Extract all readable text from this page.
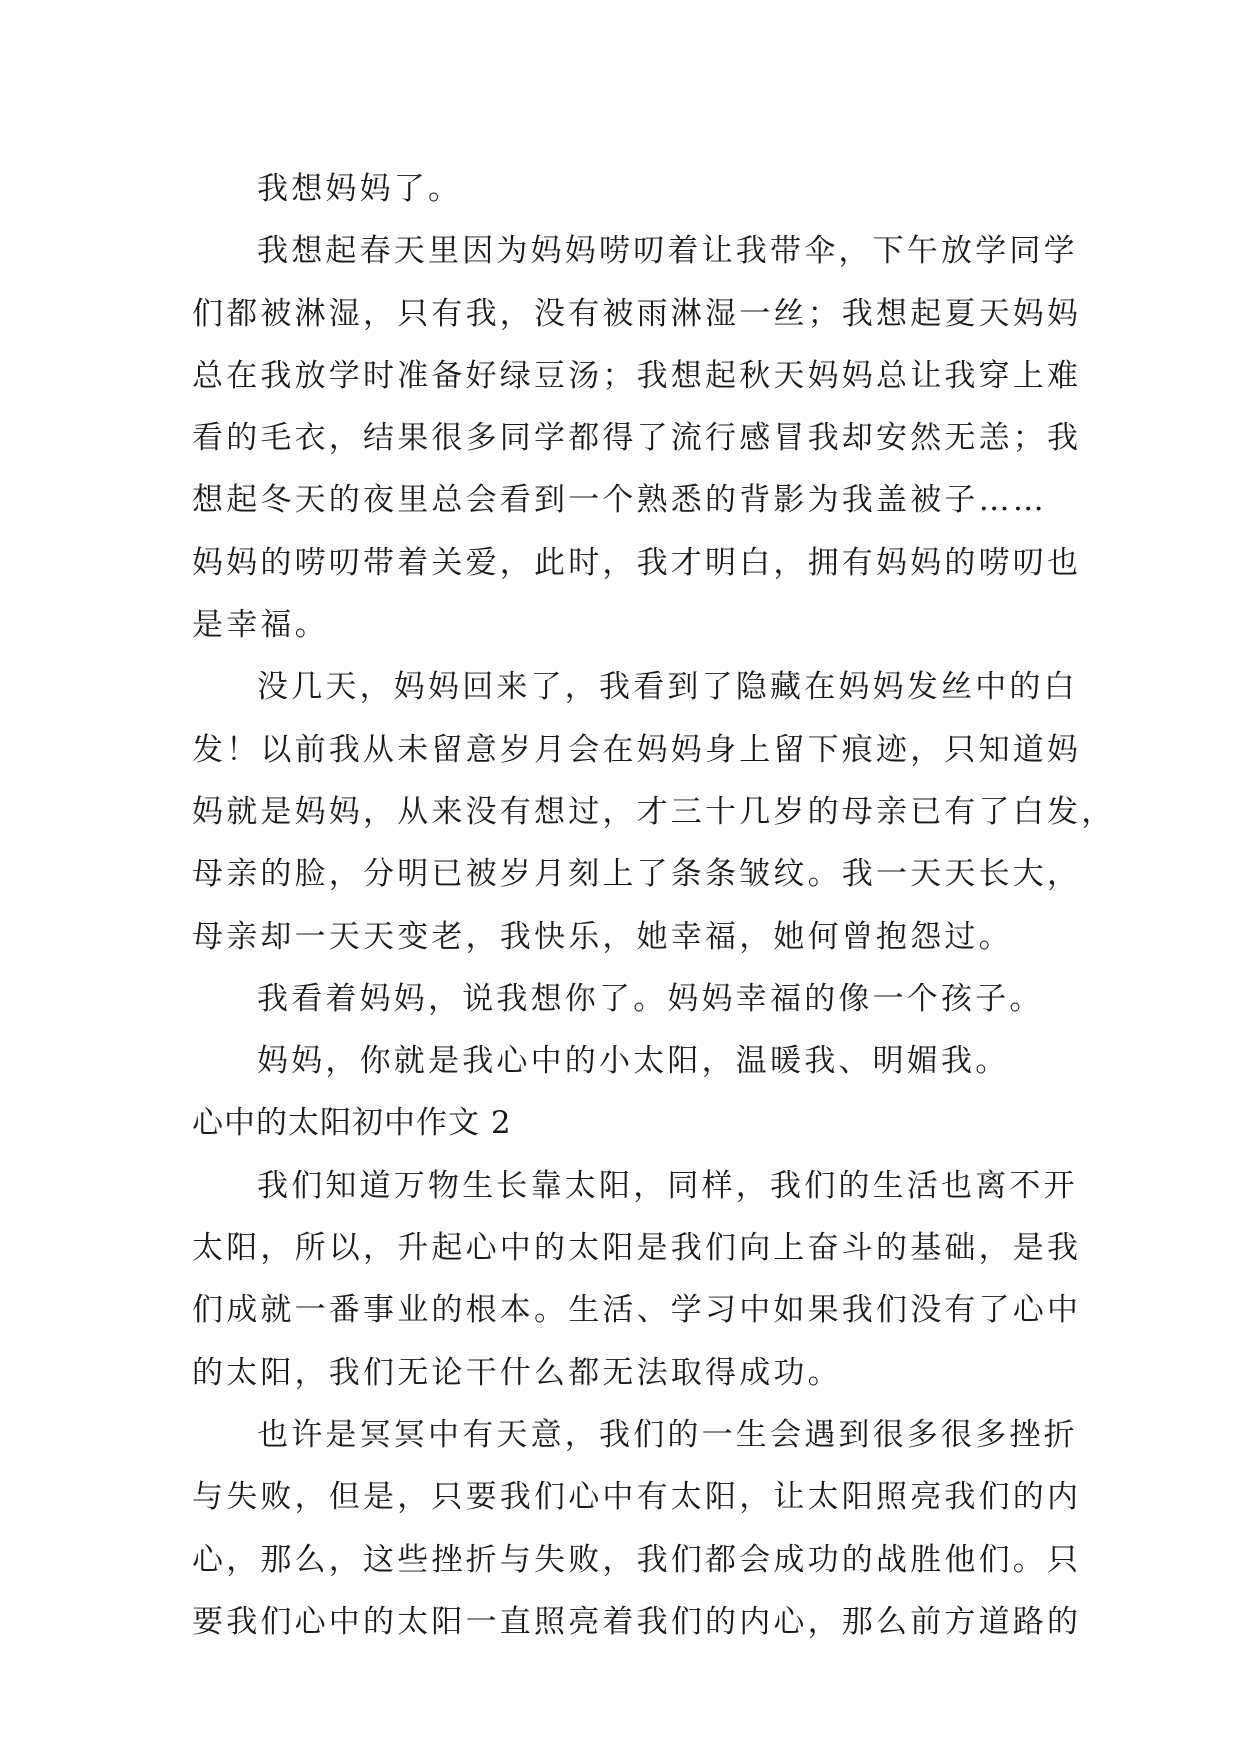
我想妈妈了。
我想起春天里因为妈妈唠叨着让我带伞，下午放学同学
们都被淋湿，只有我，没有被雨淋湿一丝；我想起夏天妈妈
总在我放学时准备好绿豆汤；我想起秋天妈妈总让我穿上难
看的毛衣，结果很多同学都得了流行感冒我却安然无恙；我
想起冬天的夜里总会看到一个熟悉的背影为我盖被子……
妈妈的唠叨带着关爱，此时，我才明白，拥有妈妈的唠叨也
是幸福。
没几天，妈妈回来了，我看到了隐藏在妈妈发丝中的白
发！以前我从未留意岁月会在妈妈身上留下痕迹，只知道妈
妈就是妈妈，从来没有想过，才三十几岁的母亲已有了白发，
母亲的脸，分明已被岁月刻上了条条皱纹。我一天天长大，
母亲却一天天变老，我快乐，她幸福，她何曾抱怨过。
我看着妈妈，说我想你了。妈妈幸福的像一个孩子。
妈妈，你就是我心中的小太阳，温暖我、明媚我。
心中的太阳初中作文 2
我们知道万物生长靠太阳，同样，我们的生活也离不开
太阳，所以，升起心中的太阳是我们向上奋斗的基础，是我
们成就一番事业的根本。生活、学习中如果我们没有了心中
的太阳，我们无论干什么都无法取得成功。
也许是冥冥中有天意，我们的一生会遇到很多很多挫折
与失败，但是，只要我们心中有太阳，让太阳照亮我们的内
心，那么，这些挫折与失败，我们都会成功的战胜他们。只
要我们心中的太阳一直照亮着我们的内心，那么前方道路的
